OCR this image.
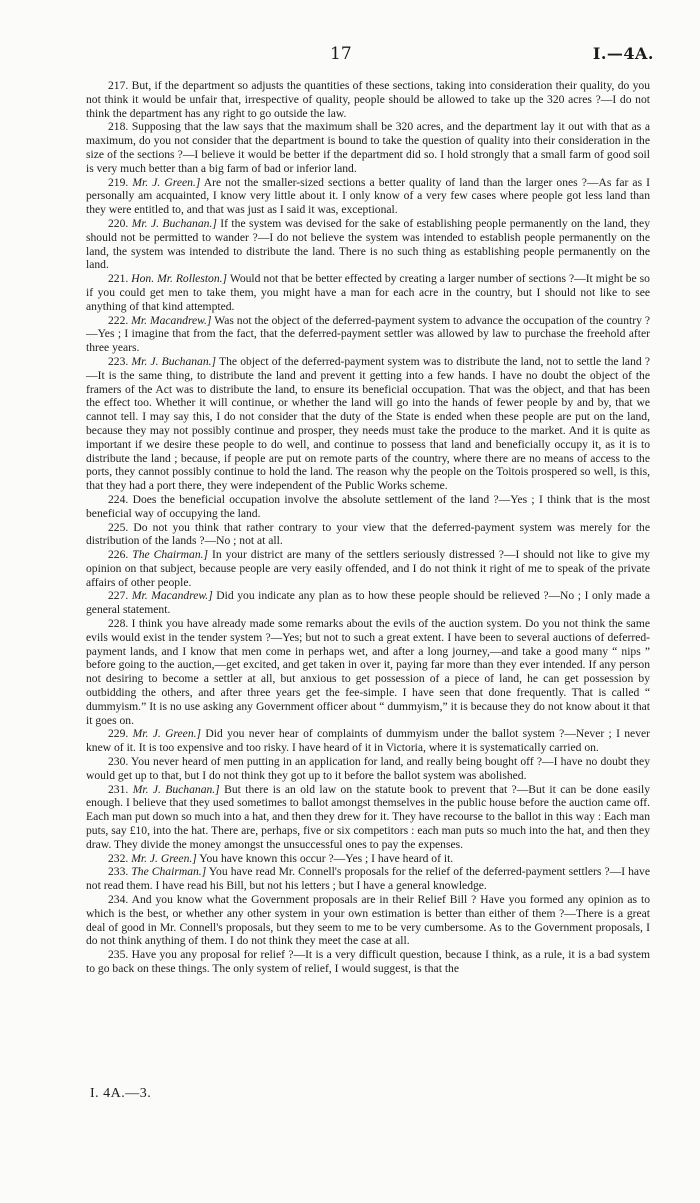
17	I.—4A.

217. But, if the department so adjusts the quantities of these sections, taking into consideration their quality, do you not think it would be unfair that, irrespective of quality, people should be allowed to take up the 320 acres ?—I do not think the department has any right to go outside the law.

218. Supposing that the law says that the maximum shall be 320 acres, and the department lay it out with that as a maximum, do you not consider that the department is bound to take the question of quality into their consideration in the size of the sections ?—I believe it would be better if the department did so. I hold strongly that a small farm of good soil is very much better than a big farm of bad or inferior land.

219. Mr. J. Green.] Are not the smaller-sized sections a better quality of land than the larger ones ?—As far as I personally am acquainted, I know very little about it. I only know of a very few cases where people got less land than they were entitled to, and that was just as I said it was, exceptional.

220. Mr. J. Buchanan.] If the system was devised for the sake of establishing people permanently on the land, they should not be permitted to wander ?—I do not believe the system was intended to establish people permanently on the land, the system was intended to distribute the land. There is no such thing as establishing people permanently on the land.

221. Hon. Mr. Rolleston.] Would not that be better effected by creating a larger number of sections ?—It might be so if you could get men to take them, you might have a man for each acre in the country, but I should not like to see anything of that kind attempted.

222. Mr. Macandrew.] Was not the object of the deferred-payment system to advance the occupation of the country ?—Yes ; I imagine that from the fact, that the deferred-payment settler was allowed by law to purchase the freehold after three years.

223. Mr. J. Buchanan.] The object of the deferred-payment system was to distribute the land, not to settle the land ?—It is the same thing, to distribute the land and prevent it getting into a few hands. I have no doubt the object of the framers of the Act was to distribute the land, to ensure its beneficial occupation. That was the object, and that has been the effect too. Whether it will continue, or whether the land will go into the hands of fewer people by and by, that we cannot tell. I may say this, I do not consider that the duty of the State is ended when these people are put on the land, because they may not possibly continue and prosper, they needs must take the produce to the market. And it is quite as important if we desire these people to do well, and continue to possess that land and beneficially occupy it, as it is to distribute the land ; because, if people are put on remote parts of the country, where there are no means of access to the ports, they cannot possibly continue to hold the land. The reason why the people on the Toitois prospered so well, is this, that they had a port there, they were independent of the Public Works scheme.

224. Does the beneficial occupation involve the absolute settlement of the land ?—Yes ; I think that is the most beneficial way of occupying the land.

225. Do not you think that rather contrary to your view that the deferred-payment system was merely for the distribution of the lands ?—No ; not at all.

226. The Chairman.] In your district are many of the settlers seriously distressed ?—I should not like to give my opinion on that subject, because people are very easily offended, and I do not think it right of me to speak of the private affairs of other people.

227. Mr. Macandrew.] Did you indicate any plan as to how these people should be relieved ?—No ; I only made a general statement.

228. I think you have already made some remarks about the evils of the auction system. Do you not think the same evils would exist in the tender system ?—Yes; but not to such a great extent. I have been to several auctions of deferred-payment lands, and I know that men come in perhaps wet, and after a long journey,—and take a good many “ nips ” before going to the auction,—get excited, and get taken in over it, paying far more than they ever intended. If any person not desiring to become a settler at all, but anxious to get possession of a piece of land, he can get possession by outbidding the others, and after three years get the fee-simple. I have seen that done frequently. That is called “ dummyism.” It is no use asking any Government officer about “ dummyism,” it is because they do not know about it that it goes on.

229. Mr. J. Green.] Did you never hear of complaints of dummyism under the ballot system ?—Never ; I never knew of it. It is too expensive and too risky. I have heard of it in Victoria, where it is systematically carried on.

230. You never heard of men putting in an application for land, and really being bought off ?—I have no doubt they would get up to that, but I do not think they got up to it before the ballot system was abolished.

231. Mr. J. Buchanan.] But there is an old law on the statute book to prevent that ?—But it can be done easily enough. I believe that they used sometimes to ballot amongst themselves in the public house before the auction came off. Each man put down so much into a hat, and then they drew for it. They have recourse to the ballot in this way : Each man puts, say £10, into the hat. There are, perhaps, five or six competitors : each man puts so much into the hat, and then they draw. They divide the money amongst the unsuccessful ones to pay the expenses.

232. Mr. J. Green.] You have known this occur ?—Yes ; I have heard of it.

233. The Chairman.] You have read Mr. Connell's proposals for the relief of the deferred-payment settlers ?—I have not read them. I have read his Bill, but not his letters ; but I have a general knowledge.

234. And you know what the Government proposals are in their Relief Bill ? Have you formed any opinion as to which is the best, or whether any other system in your own estimation is better than either of them ?—There is a great deal of good in Mr. Connell's proposals, but they seem to me to be very cumbersome. As to the Government proposals, I do not think anything of them. I do not think they meet the case at all.

235. Have you any proposal for relief ?—It is a very difficult question, because I think, as a rule, it is a bad system to go back on these things. The only system of relief, I would suggest, is that the

I. 4A.—3.
